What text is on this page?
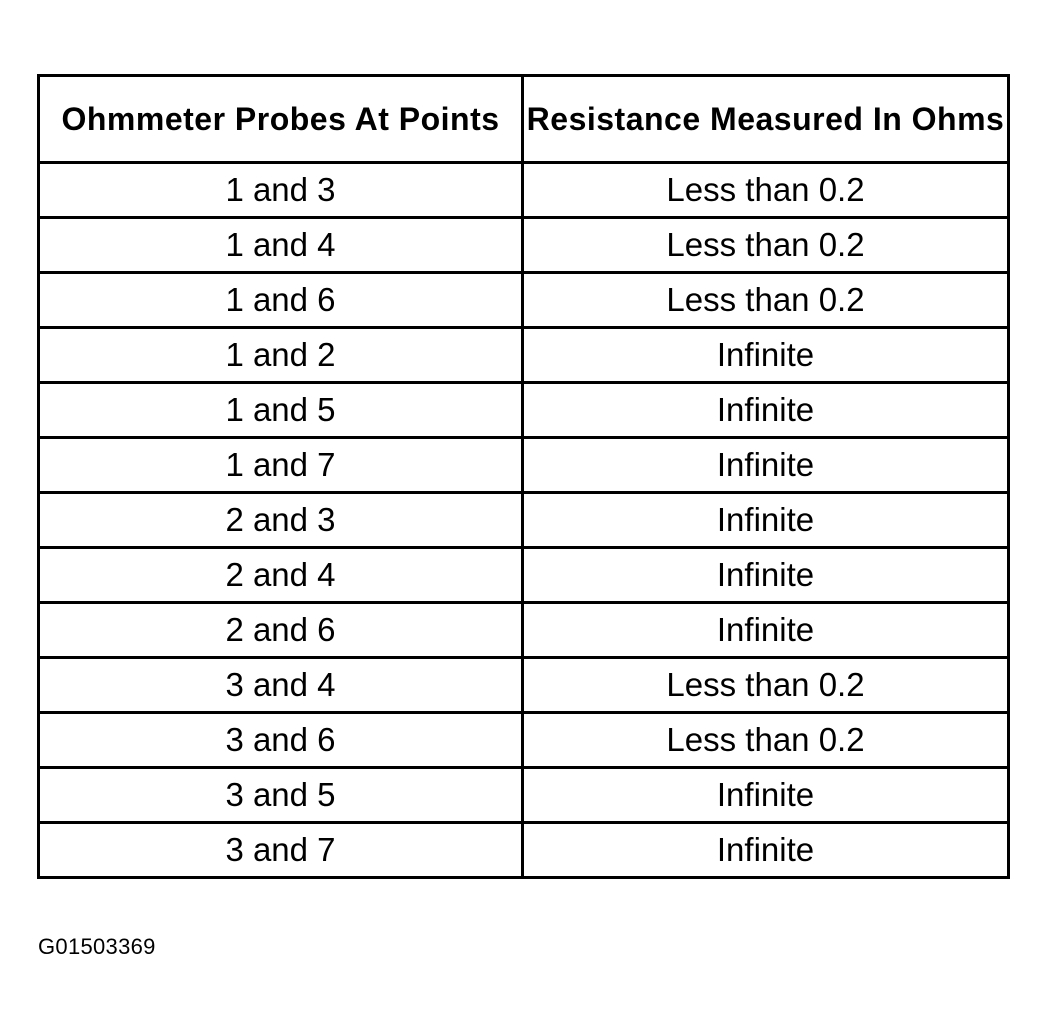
Ohmmeter Probes At Points	Resistance Measured In Ohms
1 and 3	Less than 0.2
1 and 4	Less than 0.2
1 and 6	Less than 0.2
1 and 2	Infinite
1 and 5	Infinite
1 and 7	Infinite
2 and 3	Infinite
2 and 4	Infinite
2 and 6	Infinite
3 and 4	Less than 0.2
3 and 6	Less than 0.2
3 and 5	Infinite
3 and 7	Infinite
G01503369
